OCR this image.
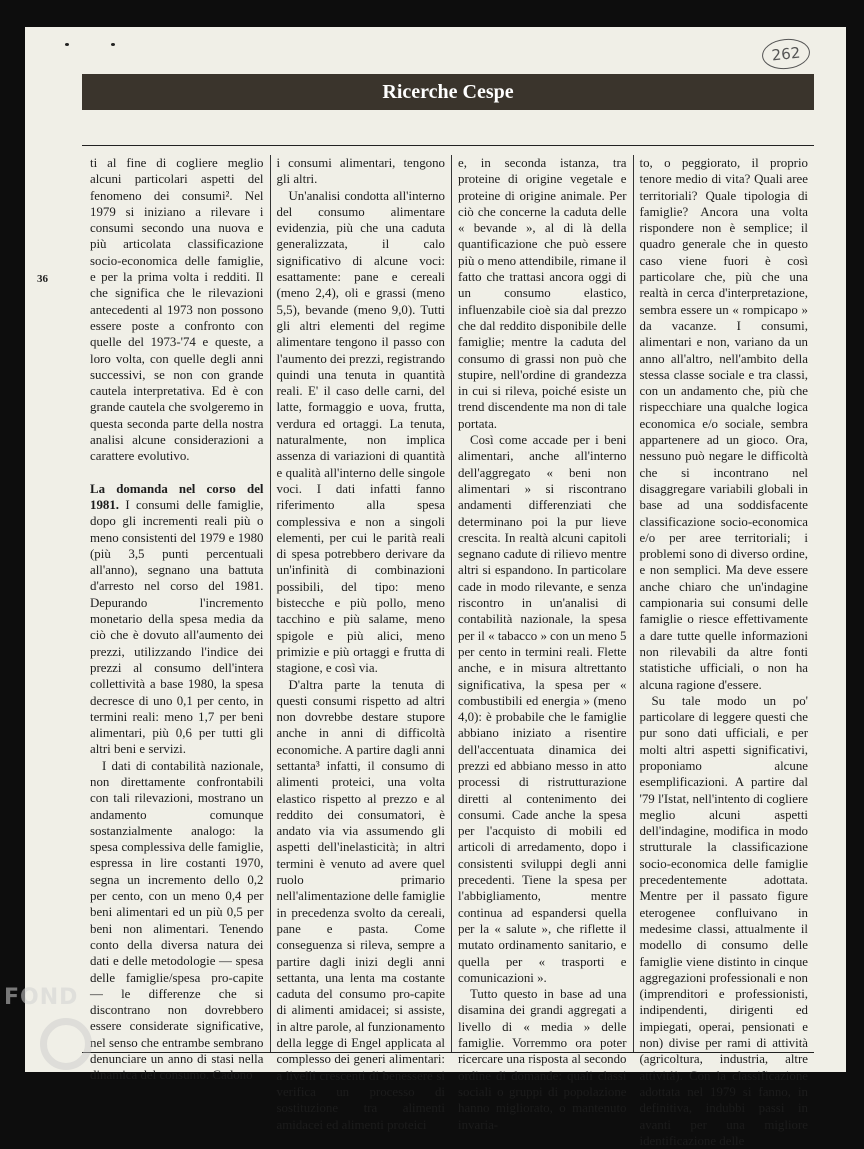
262
Ricerche Cespe
36

ti al fine di cogliere meglio alcuni particolari aspetti del fenomeno dei consumi². Nel 1979 si iniziano a rilevare i consumi secondo una nuova e più articolata classificazione socio-economica delle famiglie, e per la prima volta i redditi. Il che significa che le rilevazioni antecedenti al 1973 non possono essere poste a confronto con quelle del 1973-'74 e queste, a loro volta, con quelle degli anni successivi, se non con grande cautela interpretativa. Ed è con grande cautela che svolgeremo in questa seconda parte della nostra analisi alcune considerazioni a carattere evolutivo.

La domanda nel corso del 1981. I consumi delle famiglie, dopo gli incrementi reali più o meno consistenti del 1979 e 1980 (più 3,5 punti percentuali all'anno), segnano una battuta d'arresto nel corso del 1981. Depurando l'incremento monetario della spesa media da ciò che è dovuto all'aumento dei prezzi, utilizzando l'indice dei prezzi al consumo dell'intera collettività a base 1980, la spesa decresce di uno 0,1 per cento, in termini reali: meno 1,7 per beni alimentari, più 0,6 per tutti gli altri beni e servizi.

I dati di contabilità nazionale, non direttamente confrontabili con tali rilevazioni, mostrano un andamento comunque sostanzialmente analogo: la spesa complessiva delle famiglie, espressa in lire costanti 1970, segna un incremento dello 0,2 per cento, con un meno 0,4 per beni alimentari ed un più 0,5 per beni non alimentari. Tenendo conto della diversa natura dei dati e delle metodologie — spesa delle famiglie/spesa pro-capite — le differenze che si discontrano non dovrebbero essere considerate significative, nel senso che entrambe sembrano denunciare un anno di stasi nella dinamica del consumo. Cadono

i consumi alimentari, tengono gli altri.

Un'analisi condotta all'interno del consumo alimentare evidenzia, più che una caduta generalizzata, il calo significativo di alcune voci: esattamente: pane e cereali (meno 2,4), oli e grassi (meno 5,5), bevande (meno 9,0). Tutti gli altri elementi del regime alimentare tengono il passo con l'aumento dei prezzi, registrando quindi una tenuta in quantità reali. E' il caso delle carni, del latte, formaggio e uova, frutta, verdura ed ortaggi. La tenuta, naturalmente, non implica assenza di variazioni di quantità e qualità all'interno delle singole voci. I dati infatti fanno riferimento alla spesa complessiva e non a singoli elementi, per cui le parità reali di spesa potrebbero derivare da un'infinità di combinazioni possibili, del tipo: meno bistecche e più pollo, meno tacchino e più salame, meno spigole e più alici, meno primizie e più ortaggi e frutta di stagione, e così via.

D'altra parte la tenuta di questi consumi rispetto ad altri non dovrebbe destare stupore anche in anni di difficoltà economiche. A partire dagli anni settanta³ infatti, il consumo di alimenti proteici, una volta elastico rispetto al prezzo e al reddito dei consumatori, è andato via via assumendo gli aspetti dell'inelasticità; in altri termini è venuto ad avere quel ruolo primario nell'alimentazione delle famiglie in precedenza svolto da cereali, pane e pasta. Come conseguenza si rileva, sempre a partire dagli inizi degli anni settanta, una lenta ma costante caduta del consumo pro-capite di alimenti amidacei; si assiste, in altre parole, al funzionamento della legge di Engel applicata al complesso dei generi alimentari: a livelli crescenti di benessere si verifica un processo di sostituzione tra alimenti amidacei ed alimenti proteici

e, in seconda istanza, tra proteine di origine vegetale e proteine di origine animale. Per ciò che concerne la caduta delle « bevande », al di là della quantificazione che può essere più o meno attendibile, rimane il fatto che trattasi ancora oggi di un consumo elastico, influenzabile cioè sia dal prezzo che dal reddito disponibile delle famiglie; mentre la caduta del consumo di grassi non può che stupire, nell'ordine di grandezza in cui si rileva, poiché esiste un trend discendente ma non di tale portata.

Così come accade per i beni alimentari, anche all'interno dell'aggregato « beni non alimentari » si riscontrano andamenti differenziati che determinano poi la pur lieve crescita. In realtà alcuni capitoli segnano cadute di rilievo mentre altri si espandono. In particolare cade in modo rilevante, e senza riscontro in un'analisi di contabilità nazionale, la spesa per il « tabacco » con un meno 5 per cento in termini reali. Flette anche, e in misura altrettanto significativa, la spesa per « combustibili ed energia » (meno 4,0): è probabile che le famiglie abbiano iniziato a risentire dell'accentuata dinamica dei prezzi ed abbiano messo in atto processi di ristrutturazione diretti al contenimento dei consumi. Cade anche la spesa per l'acquisto di mobili ed articoli di arredamento, dopo i consistenti sviluppi degli anni precedenti. Tiene la spesa per l'abbigliamento, mentre continua ad espandersi quella per la « salute », che riflette il mutato ordinamento sanitario, e quella per « trasporti e comunicazioni ».

Tutto questo in base ad una disamina dei grandi aggregati a livello di « media » delle famiglie. Vorremmo ora poter ricercare una risposta al secondo ordine di domande: quali classi sociali o gruppi di popolazione hanno migliorato, o mantenuto invaria-

to, o peggiorato, il proprio tenore medio di vita? Quali aree territoriali? Quale tipologia di famiglie? Ancora una volta risponderе non è semplice; il quadro generale che in questo caso viene fuori è così particolare che, più che una realtà in cerca d'interpretazione, sembra essere un « rompicapo » da vacanze. I consumi, alimentari e non, variano da un anno all'altro, nell'ambito della stessa classe sociale e tra classi, con un andamento che, più che rispecchiare una qualche logica economica e/o sociale, sembra appartenere ad un gioco. Ora, nessuno può negare le difficoltà che si incontrano nel disaggregare variabili globali in base ad una soddisfacente classificazione socio-economica e/o per aree territoriali; i problemi sono di diverso ordine, e non semplici. Ma deve essere anche chiaro che un'indagine campionaria sui consumi delle famiglie o riesce effettivamente a dare tutte quelle informazioni non rilevabili da altre fonti statistiche ufficiali, o non ha alcuna ragione d'essere.

Su tale modo un po' particolare di leggere questi che pur sono dati ufficiali, e per molti altri aspetti significativi, proponiamo alcune esemplificazioni. A partire dal '79 l'Istat, nell'intento di cogliere meglio alcuni aspetti dell'indagine, modifica in modo strutturale la classificazione socio-economica delle famiglie precedentemente adottata. Mentre per il passato figure eterogenee confluivano in medesime classi, attualmente il modello di consumo delle famiglie viene distinto in cinque aggregazioni professionali e non (imprenditori e professionisti, indipendenti, dirigenti ed impiegati, operai, pensionati e non) divise per rami di attività (agricoltura, industria, altre attività). Con la classificazione adottata nel 1979 si fanno, in definitiva, indubbi passi in avanti per una migliore identificazione delle

FOND
